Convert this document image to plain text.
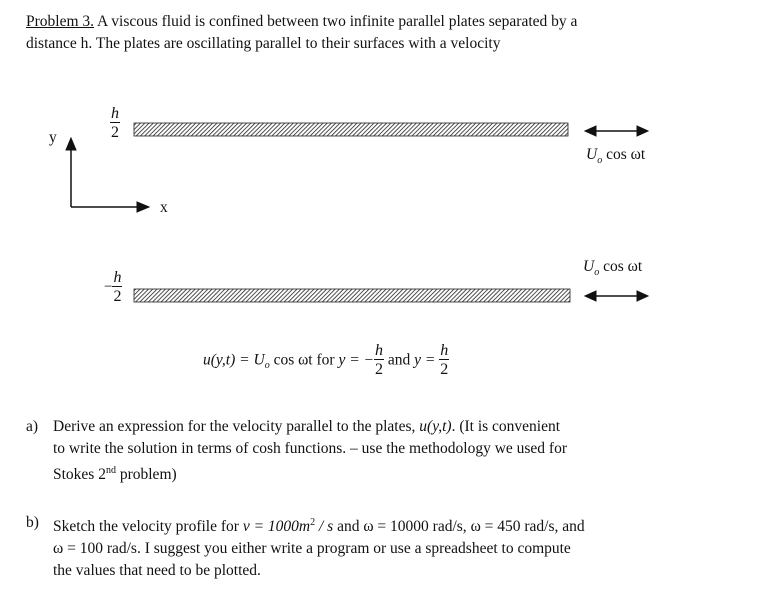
Problem 3. A viscous fluid is confined between two infinite parallel plates separated by a
distance h. The plates are oscillating parallel to their surfaces with a velocity
y
x
$\frac{h}{2}$
− $\frac{h}{2}$
$U_o$ cos ωt
$U_o$ cos ωt
$u(y,t) = U_o$ cos ωt for y = − $\frac{h}{2}$ and $y = \frac{h}{2}$
a) Derive an expression for the velocity parallel to the plates, u(y,t). (It is convenient
to write the solution in terms of cosh functions. – use the methodology we used for
Stokes 2nd problem)
b) Sketch the velocity profile for $\nu = 1000m^2 / s$ and ω = 10000 rad/s, ω = 450 rad/s, and
ω = 100 rad/s. I suggest you either write a program or use a spreadsheet to compute
the values that need to be plotted.
